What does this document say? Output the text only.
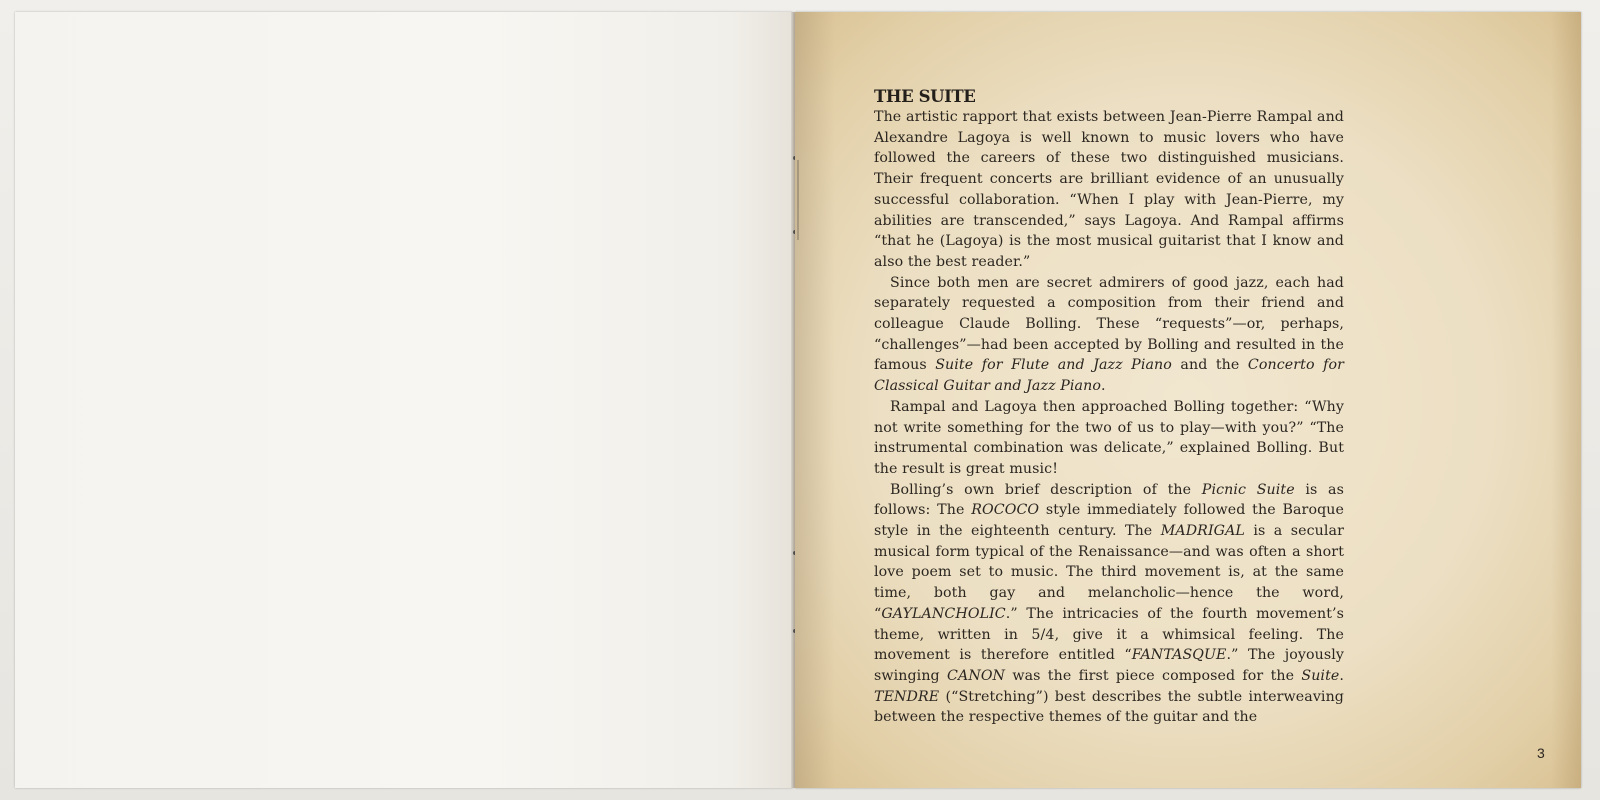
THE SUITE

The artistic rapport that exists between Jean-Pierre Rampal and Alexandre Lagoya is well known to music lovers who have followed the careers of these two distinguished musicians. Their frequent concerts are brilliant evidence of an unusually successful collaboration. “When I play with Jean-Pierre, my abilities are transcended,” says Lagoya. And Rampal affirms “that he (Lagoya) is the most musical guitarist that I know and also the best reader.”

Since both men are secret admirers of good jazz, each had separately requested a composition from their friend and colleague Claude Bolling. These “requests”—or, perhaps, “challenges”—had been accepted by Bolling and resulted in the famous Suite for Flute and Jazz Piano and the Concerto for Classical Guitar and Jazz Piano.

Rampal and Lagoya then approached Bolling together: “Why not write something for the two of us to play—with you?” “The instrumental combination was delicate,” explained Bolling. But the result is great music!

Bolling’s own brief description of the Picnic Suite is as follows: The ROCOCO style immediately followed the Baroque style in the eighteenth century. The MADRIGAL is a secular musical form typical of the Renaissance—and was often a short love poem set to music. The third movement is, at the same time, both gay and melancholic—hence the word, “GAYLANCHOLIC.” The intricacies of the fourth movement’s theme, written in 5/4, give it a whimsical feeling. The movement is therefore entitled “FANTASQUE.” The joyously swinging CANON was the first piece composed for the Suite. TENDRE (“Stretching”) best describes the subtle interweaving between the respective themes of the guitar and the

3
